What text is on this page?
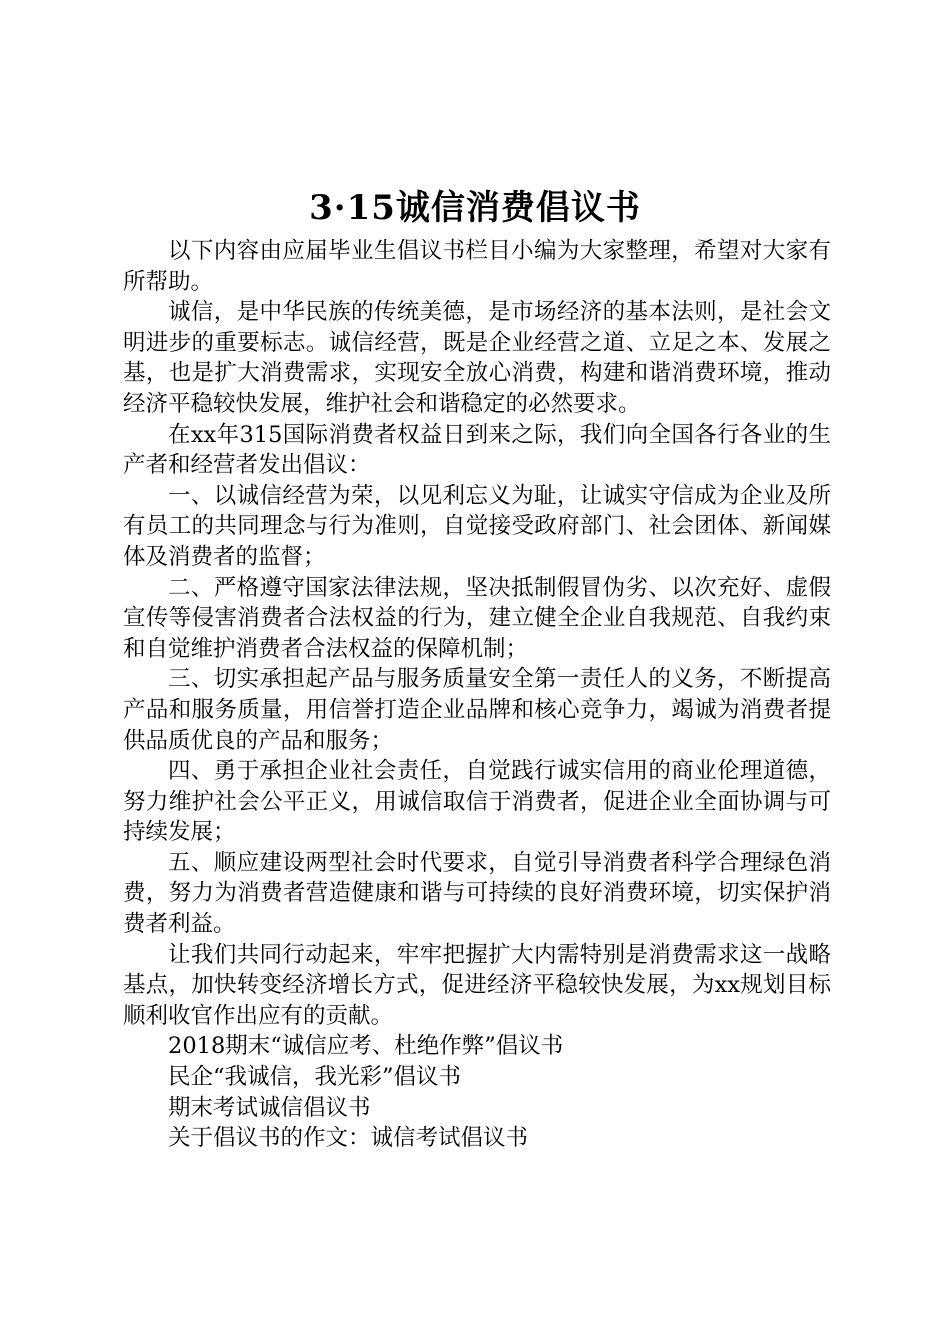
3·15诚信消费倡议书

以下内容由应届毕业生倡议书栏目小编为大家整理，希望对大家有所帮助。

诚信，是中华民族的传统美德，是市场经济的基本法则，是社会文明进步的重要标志。诚信经营，既是企业经营之道、立足之本、发展之基，也是扩大消费需求，实现安全放心消费，构建和谐消费环境，推动经济平稳较快发展，维护社会和谐稳定的必然要求。

在xx年315国际消费者权益日到来之际，我们向全国各行各业的生产者和经营者发出倡议：

一、以诚信经营为荣，以见利忘义为耻，让诚实守信成为企业及所有员工的共同理念与行为准则，自觉接受政府部门、社会团体、新闻媒体及消费者的监督；

二、严格遵守国家法律法规，坚决抵制假冒伪劣、以次充好、虚假宣传等侵害消费者合法权益的行为，建立健全企业自我规范、自我约束和自觉维护消费者合法权益的保障机制；

三、切实承担起产品与服务质量安全第一责任人的义务，不断提高产品和服务质量，用信誉打造企业品牌和核心竞争力，竭诚为消费者提供品质优良的产品和服务；

四、勇于承担企业社会责任，自觉践行诚实信用的商业伦理道德，努力维护社会公平正义，用诚信取信于消费者，促进企业全面协调与可持续发展；

五、顺应建设两型社会时代要求，自觉引导消费者科学合理绿色消费，努力为消费者营造健康和谐与可持续的良好消费环境，切实保护消费者利益。

让我们共同行动起来，牢牢把握扩大内需特别是消费需求这一战略基点，加快转变经济增长方式，促进经济平稳较快发展，为xx规划目标顺利收官作出应有的贡献。

2018期末“诚信应考、杜绝作弊”倡议书
民企“我诚信，我光彩”倡议书
期末考试诚信倡议书
关于倡议书的作文：诚信考试倡议书
